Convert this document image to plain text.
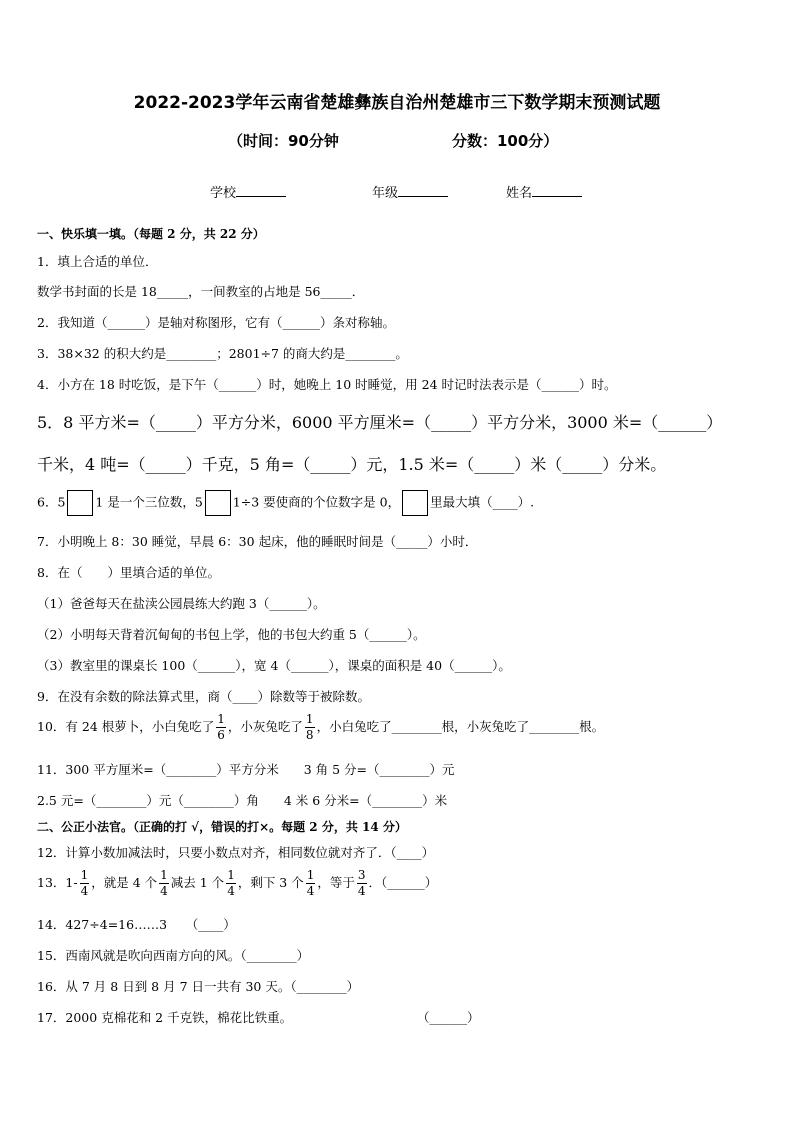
2022-2023学年云南省楚雄彝族自治州楚雄市三下数学期末预测试题
（时间：90分钟	分数：100分）
学校	年级	姓名
一、快乐填一填。（每题 2 分，共 22 分）
1．填上合适的单位．
数学书封面的长是 18_____，一间教室的占地是 56_____．
2．我知道（______）是轴对称图形，它有（______）条对称轴。
3．38×32 的积大约是________；2801÷7 的商大约是________。
4．小方在 18 时吃饭，是下午（______）时，她晚上 10 时睡觉，用 24 时记时法表示是（______）时。
5．8 平方米=（_____）平方分米，6000 平方厘米=（_____）平方分米，3000 米=（______）
千米，4 吨=（_____）千克，5 角=（_____）元，1.5 米=（_____）米（_____）分米。
6．5 1 是一个三位数，5 1÷3 要使商的个位数字是 0， 里最大填（____）.
7．小明晚上 8：30 睡觉，早晨 6：30 起床，他的睡眠时间是（_____）小时．
8．在（　　）里填合适的单位。
（1）爸爸每天在盐渎公园晨练大约跑 3（______）。
（2）小明每天背着沉甸甸的书包上学，他的书包大约重 5（______）。
（3）教室里的课桌长 100（______），宽 4（______），课桌的面积是 40（______）。
9．在没有余数的除法算式里，商（____）除数等于被除数。
10．有 24 根萝卜，小白兔吃了 $\frac{1}{6}$ ，小灰兔吃了 $\frac{1}{8}$ ，小白兔吃了________根，小灰兔吃了________根。
11．300 平方厘米=（________）平方分米　　3 角 5 分=（________）元
2.5 元=（________）元（________）角　　4 米 6 分米=（________）米
二、公正小法官。（正确的打 √，错误的打×。每题 2 分，共 14 分）
12．计算小数加减法时，只要小数点对齐，相同数位就对齐了．（____）
13．$1- \frac{1}{4}$ ，就是 4 个 $\frac{1}{4}$ 减去 1 个 $\frac{1}{4}$ ，剩下 3 个 $\frac{1}{4}$ ，等于 $\frac{3}{4}$ ．（______）
14．427÷4=16……3　　（____）
15．西南风就是吹向西南方向的风。（________）
16．从 7 月 8 日到 8 月 7 日一共有 30 天。（________）
17．2000 克棉花和 2 千克铁，棉花比铁重。	（______）
